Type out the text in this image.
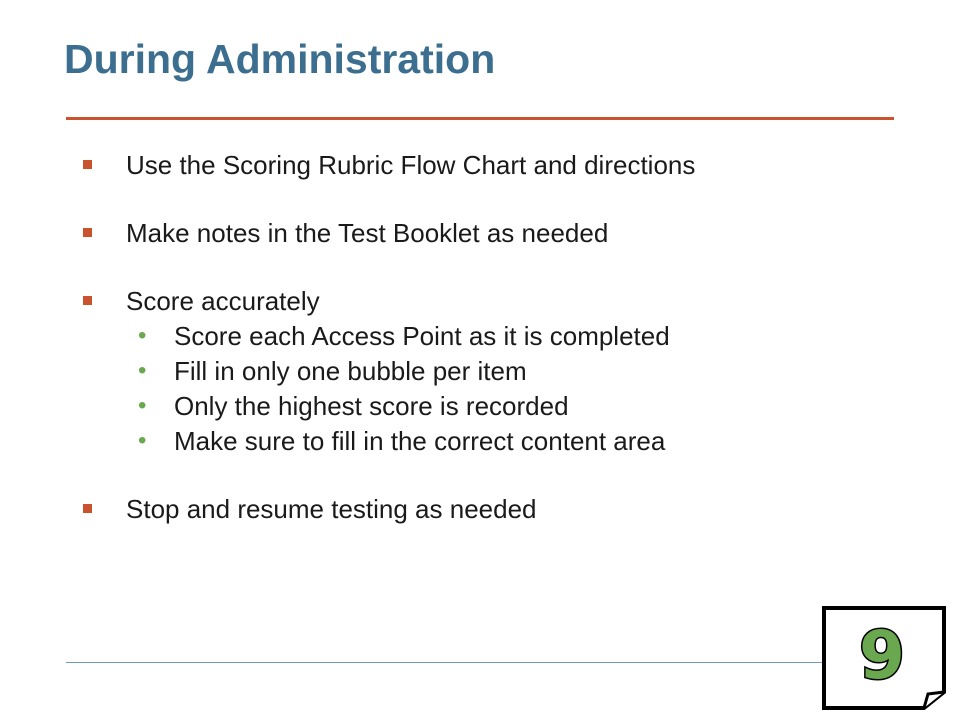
During Administration
Use the Scoring Rubric Flow Chart and directions
Make notes in the Test Booklet as needed
Score accurately
• Score each Access Point as it is completed
• Fill in only one bubble per item
• Only the highest score is recorded
• Make sure to fill in the correct content area
Stop and resume testing as needed
9
